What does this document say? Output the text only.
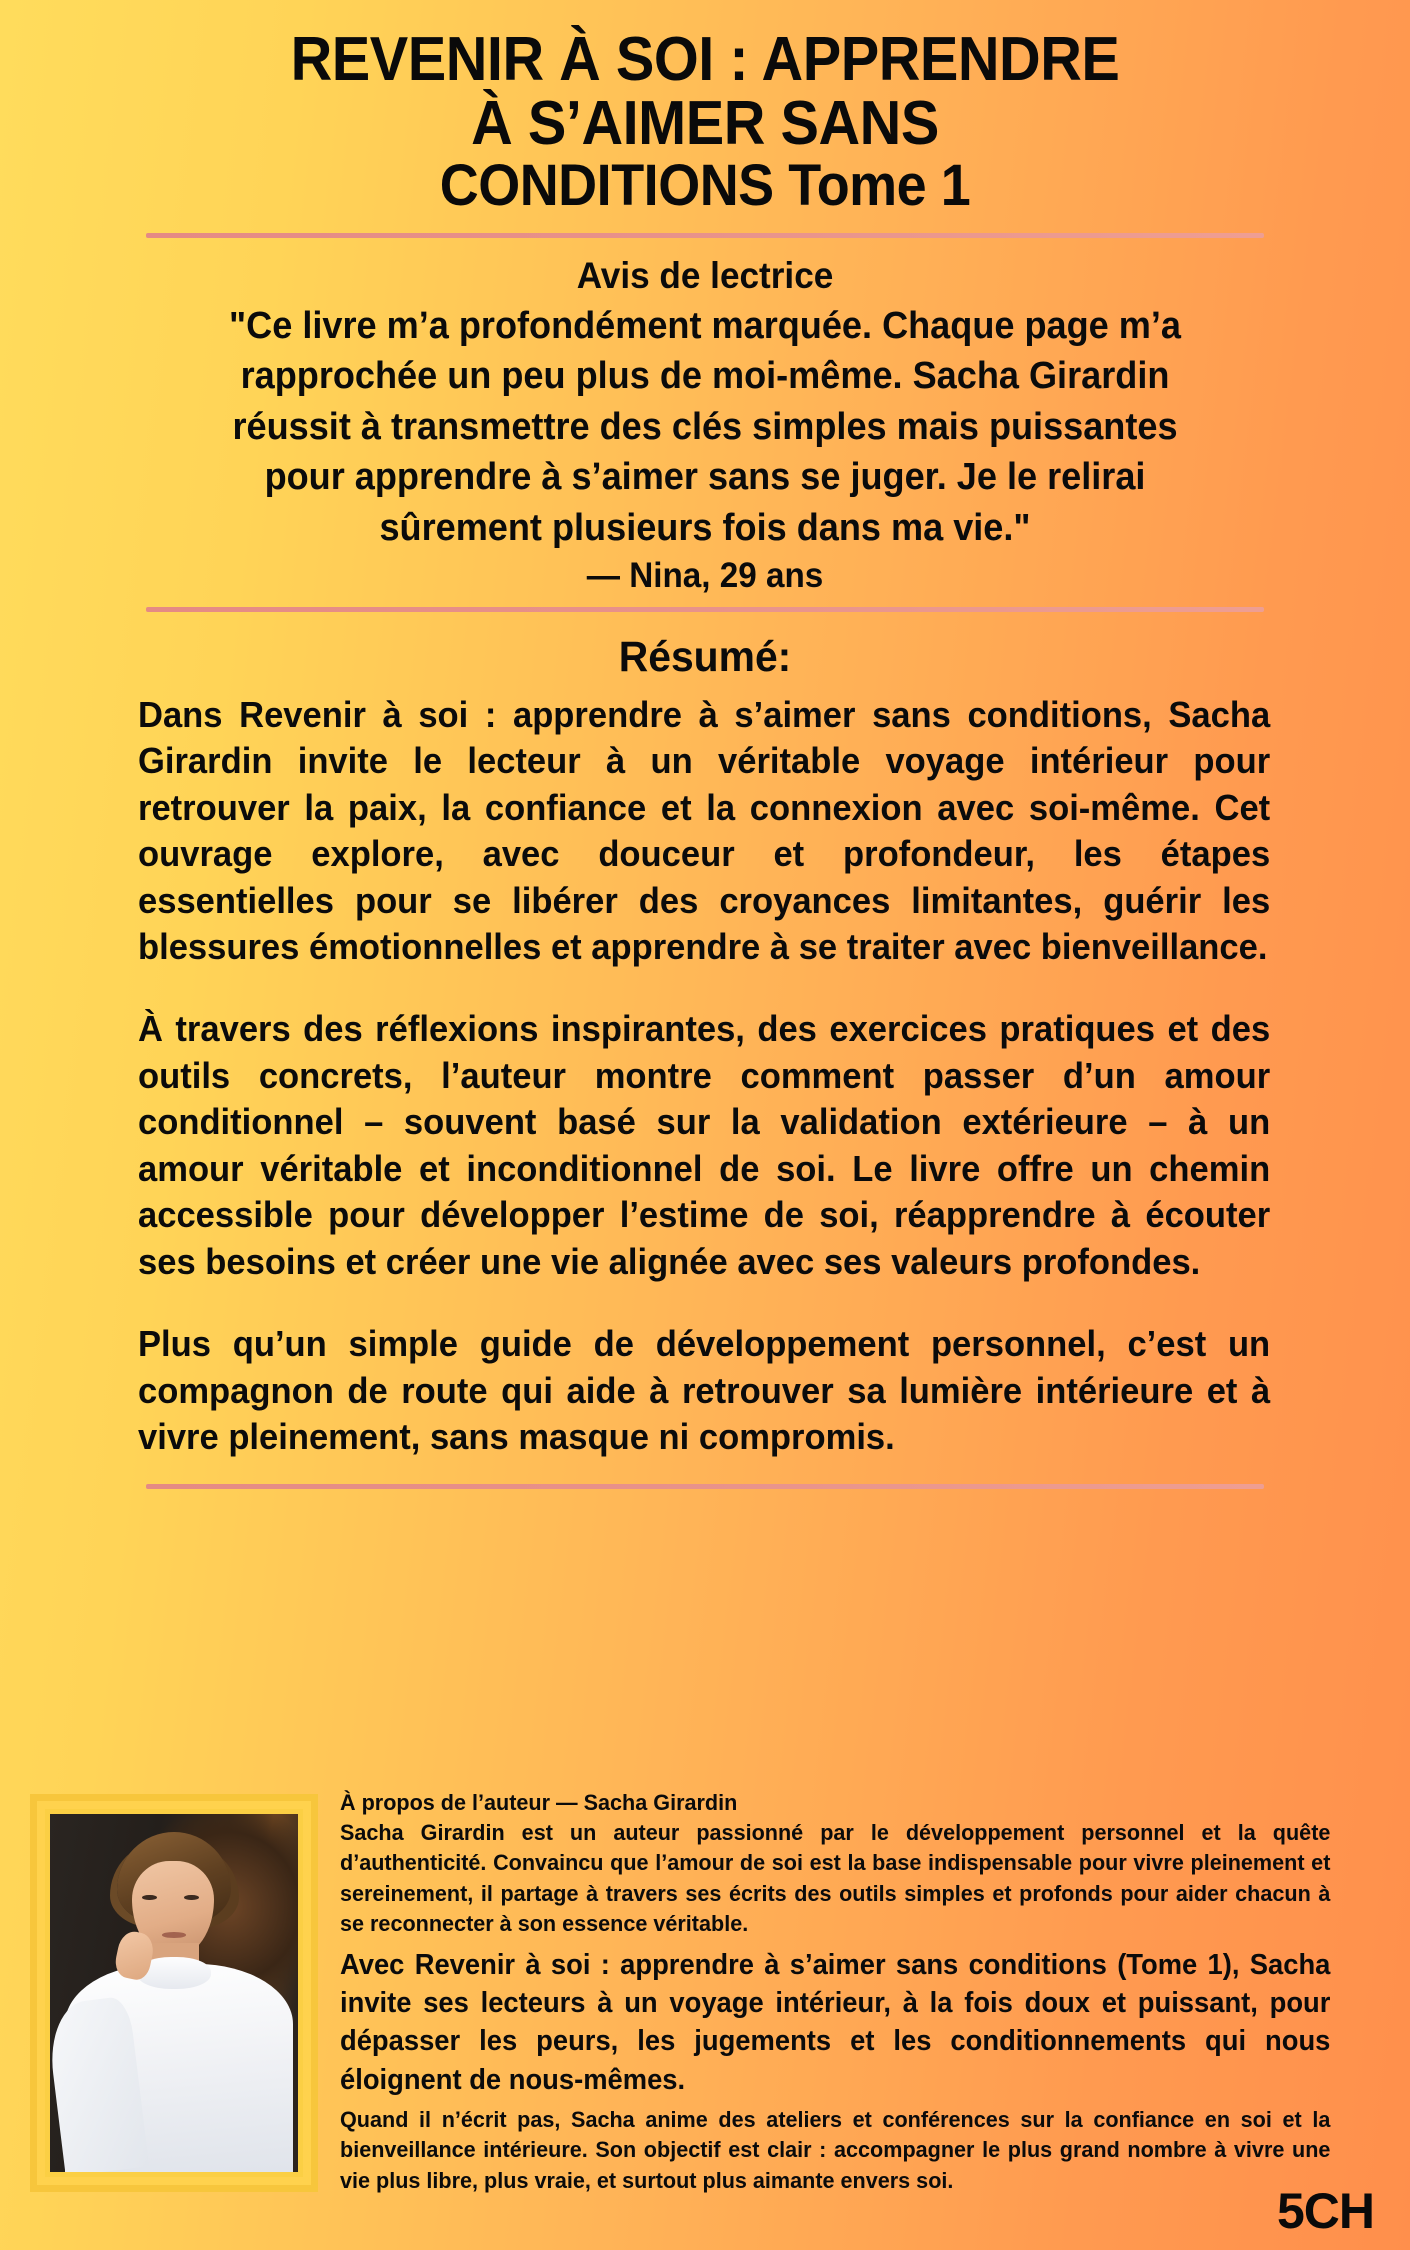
REVENIR À SOI : APPRENDRE
À S’AIMER SANS
CONDITIONS Tome 1
Avis de lectrice
"Ce livre m’a profondément marquée. Chaque page m’a
rapprochée un peu plus de moi-même. Sacha Girardin
réussit à transmettre des clés simples mais puissantes
pour apprendre à s’aimer sans se juger. Je le relirai
sûrement plusieurs fois dans ma vie."
— Nina, 29 ans
Résumé:

Dans Revenir à soi : apprendre à s’aimer sans conditions, Sacha Girardin invite le lecteur à un véritable voyage intérieur pour retrouver la paix, la confiance et la connexion avec soi-même. Cet ouvrage explore, avec douceur et profondeur, les étapes essentielles pour se libérer des croyances limitantes, guérir les blessures émotionnelles et apprendre à se traiter avec bienveillance.

À travers des réflexions inspirantes, des exercices pratiques et des outils concrets, l’auteur montre comment passer d’un amour conditionnel – souvent basé sur la validation extérieure – à un amour véritable et inconditionnel de soi. Le livre offre un chemin accessible pour développer l’estime de soi, réapprendre à écouter ses besoins et créer une vie alignée avec ses valeurs profondes.

Plus qu’un simple guide de développement personnel, c’est un compagnon de route qui aide à retrouver sa lumière intérieure et à vivre pleinement, sans masque ni compromis.

À propos de l’auteur — Sacha Girardin

Sacha Girardin est un auteur passionné par le développement personnel et la quête d’authenticité. Convaincu que l’amour de soi est la base indispensable pour vivre pleinement et sereinement, il partage à travers ses écrits des outils simples et profonds pour aider chacun à se reconnecter à son essence véritable.

Avec Revenir à soi : apprendre à s’aimer sans conditions (Tome 1), Sacha invite ses lecteurs à un voyage intérieur, à la fois doux et puissant, pour dépasser les peurs, les jugements et les conditionnements qui nous éloignent de nous-mêmes.

Quand il n’écrit pas, Sacha anime des ateliers et conférences sur la confiance en soi et la bienveillance intérieure. Son objectif est clair : accompagner le plus grand nombre à vivre une vie plus libre, plus vraie, et surtout plus aimante envers soi.

5CH
